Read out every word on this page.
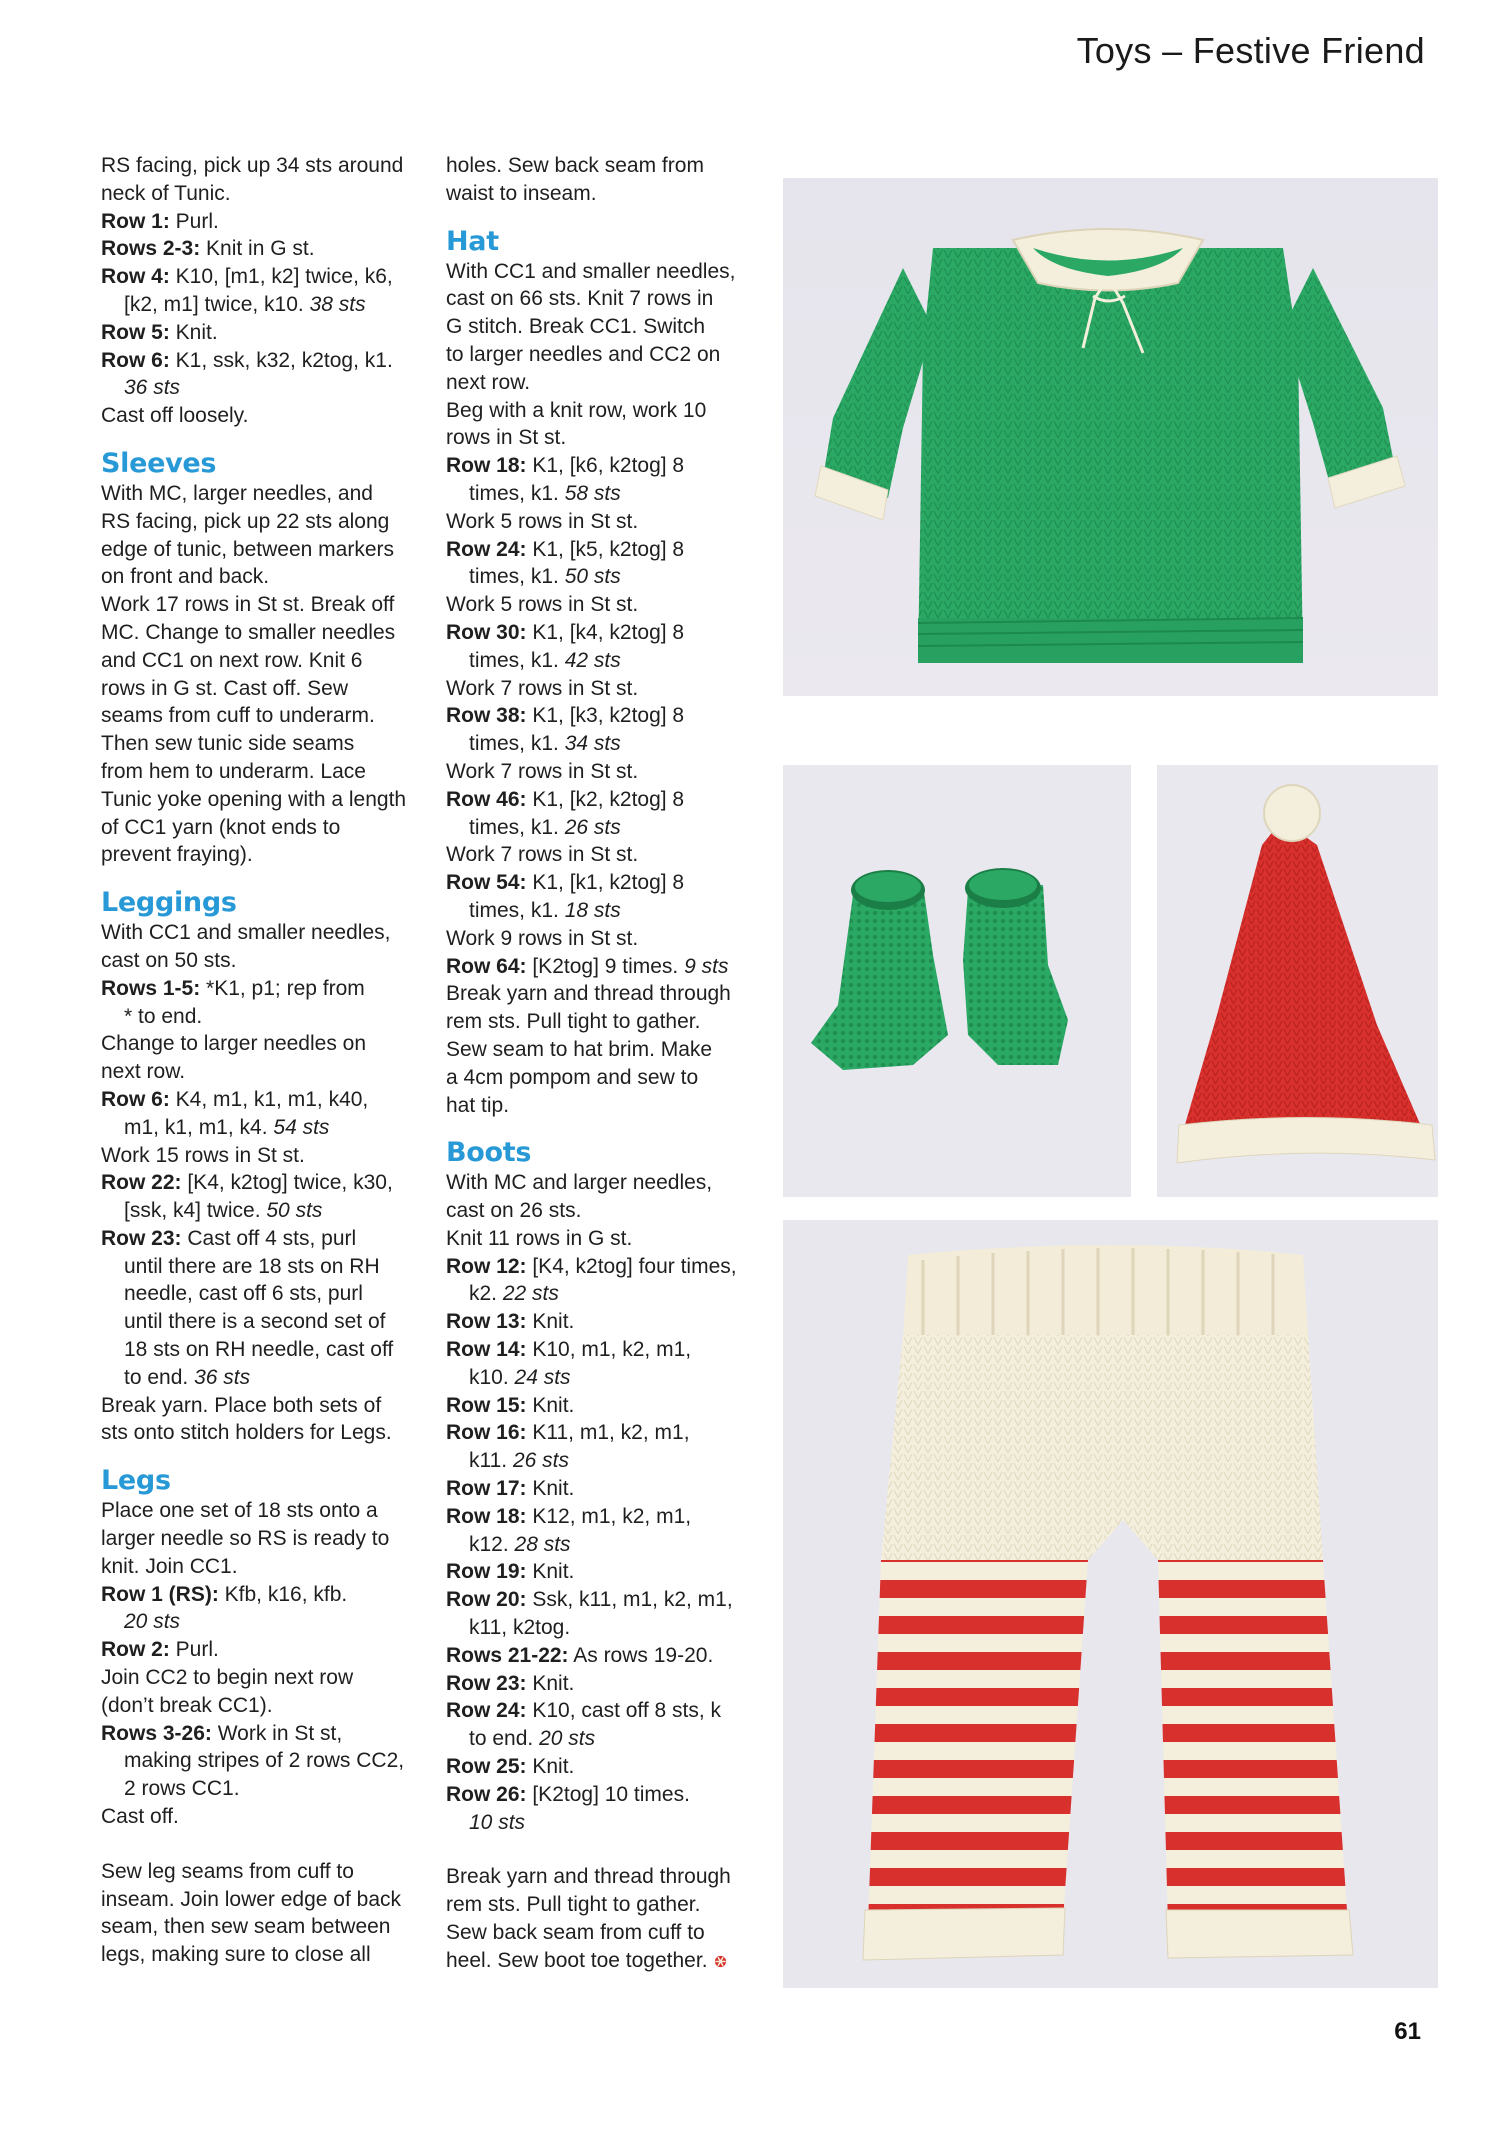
Toys – Festive Friend

RS facing, pick up 34 sts around

neck of Tunic.

Row 1: Purl.

Rows 2-3: Knit in G st.

Row 4: K10, [m1, k2] twice, k6,

[k2, m1] twice, k10. 38 sts

Row 5: Knit.

Row 6: K1, ssk, k32, k2tog, k1.

36 sts

Cast off loosely.

Sleeves

With MC, larger needles, and

RS facing, pick up 22 sts along

edge of tunic, between markers

on front and back.

Work 17 rows in St st. Break off

MC. Change to smaller needles

and CC1 on next row. Knit 6

rows in G st. Cast off. Sew

seams from cuff to underarm.

Then sew tunic side seams

from hem to underarm. Lace

Tunic yoke opening with a length

of CC1 yarn (knot ends to

prevent fraying).

Leggings

With CC1 and smaller needles,

cast on 50 sts.

Rows 1-5: *K1, p1; rep from

* to end.

Change to larger needles on

next row.

Row 6: K4, m1, k1, m1, k40,

m1, k1, m1, k4. 54 sts

Work 15 rows in St st.

Row 22: [K4, k2tog] twice, k30,

[ssk, k4] twice. 50 sts

Row 23: Cast off 4 sts, purl

until there are 18 sts on RH

needle, cast off 6 sts, purl

until there is a second set of

18 sts on RH needle, cast off

to end. 36 sts

Break yarn. Place both sets of

sts onto stitch holders for Legs.

Legs

Place one set of 18 sts onto a

larger needle so RS is ready to

knit. Join CC1.

Row 1 (RS): Kfb, k16, kfb.

20 sts

Row 2: Purl.

Join CC2 to begin next row

(don’t break CC1).

Rows 3-26: Work in St st,

making stripes of 2 rows CC2,

2 rows CC1.

Cast off.

Sew leg seams from cuff to

inseam. Join lower edge of back

seam, then sew seam between

legs, making sure to close all

holes. Sew back seam from

waist to inseam.

Hat

With CC1 and smaller needles,

cast on 66 sts. Knit 7 rows in

G stitch. Break CC1. Switch

to larger needles and CC2 on

next row.

Beg with a knit row, work 10

rows in St st.

Row 18: K1, [k6, k2tog] 8

times, k1. 58 sts

Work 5 rows in St st.

Row 24: K1, [k5, k2tog] 8

times, k1. 50 sts

Work 5 rows in St st.

Row 30: K1, [k4, k2tog] 8

times, k1. 42 sts

Work 7 rows in St st.

Row 38: K1, [k3, k2tog] 8

times, k1. 34 sts

Work 7 rows in St st.

Row 46: K1, [k2, k2tog] 8

times, k1. 26 sts

Work 7 rows in St st.

Row 54: K1, [k1, k2tog] 8

times, k1. 18 sts

Work 9 rows in St st.

Row 64: [K2tog] 9 times. 9 sts

Break yarn and thread through

rem sts. Pull tight to gather.

Sew seam to hat brim. Make

a 4cm pompom and sew to

hat tip.

Boots

With MC and larger needles,

cast on 26 sts.

Knit 11 rows in G st.

Row 12: [K4, k2tog] four times,

k2. 22 sts

Row 13: Knit.

Row 14: K10, m1, k2, m1,

k10. 24 sts

Row 15: Knit.

Row 16: K11, m1, k2, m1,

k11. 26 sts

Row 17: Knit.

Row 18: K12, m1, k2, m1,

k12. 28 sts

Row 19: Knit.

Row 20: Ssk, k11, m1, k2, m1,

k11, k2tog.

Rows 21-22: As rows 19-20.

Row 23: Knit.

Row 24: K10, cast off 8 sts, k

to end. 20 sts

Row 25: Knit.

Row 26: [K2tog] 10 times.

10 sts

Break yarn and thread through

rem sts. Pull tight to gather.

Sew back seam from cuff to

heel. Sew boot toe together.

61
